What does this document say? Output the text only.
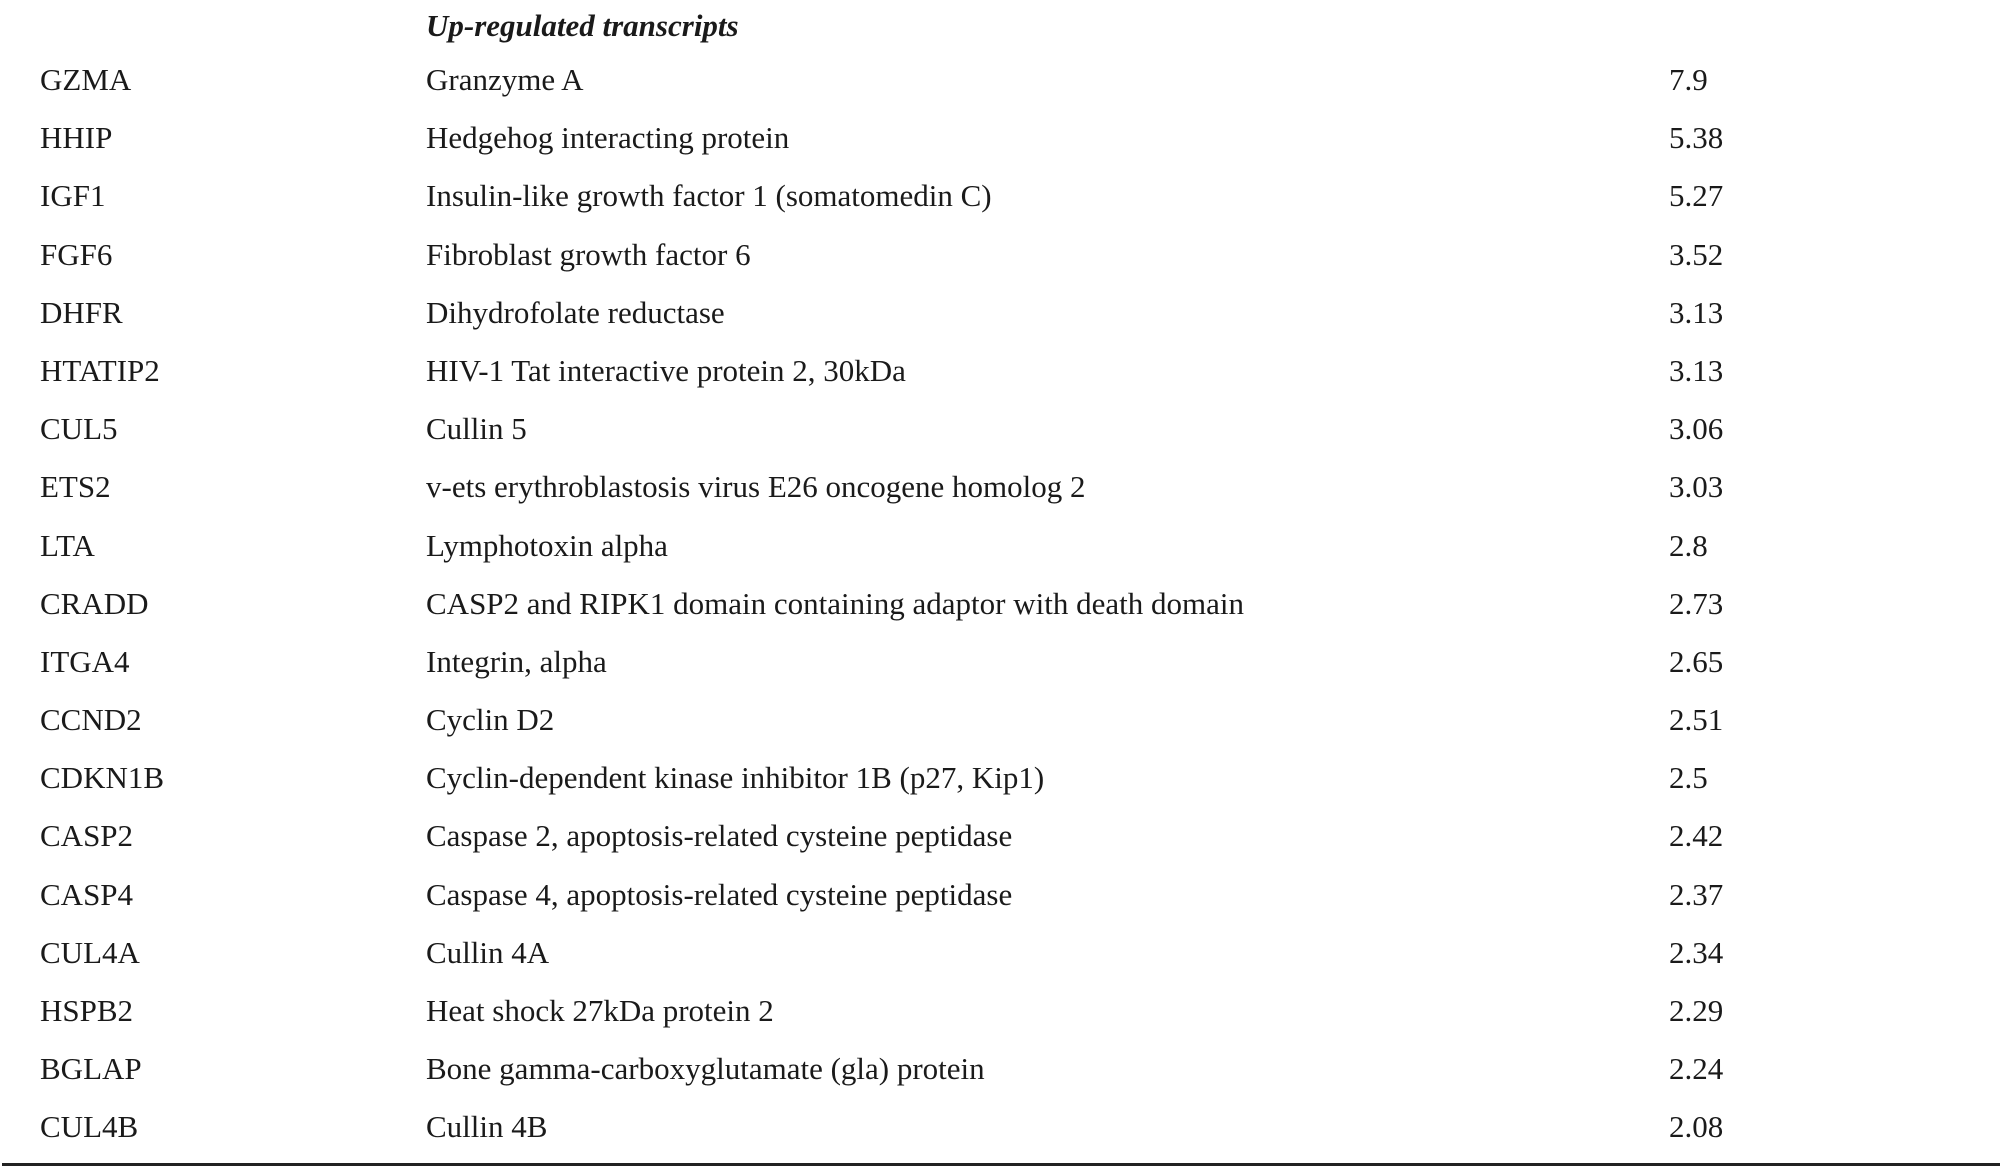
Up-regulated transcripts
GZMA	Granzyme A	7.9
HHIP	Hedgehog interacting protein	5.38
IGF1	Insulin-like growth factor 1 (somatomedin C)	5.27
FGF6	Fibroblast growth factor 6	3.52
DHFR	Dihydrofolate reductase	3.13
HTATIP2	HIV-1 Tat interactive protein 2, 30kDa	3.13
CUL5	Cullin 5	3.06
ETS2	v-ets erythroblastosis virus E26 oncogene homolog 2	3.03
LTA	Lymphotoxin alpha	2.8
CRADD	CASP2 and RIPK1 domain containing adaptor with death domain	2.73
ITGA4	Integrin, alpha	2.65
CCND2	Cyclin D2	2.51
CDKN1B	Cyclin-dependent kinase inhibitor 1B (p27, Kip1)	2.5
CASP2	Caspase 2, apoptosis-related cysteine peptidase	2.42
CASP4	Caspase 4, apoptosis-related cysteine peptidase	2.37
CUL4A	Cullin 4A	2.34
HSPB2	Heat shock 27kDa protein 2	2.29
BGLAP	Bone gamma-carboxyglutamate (gla) protein	2.24
CUL4B	Cullin 4B	2.08
